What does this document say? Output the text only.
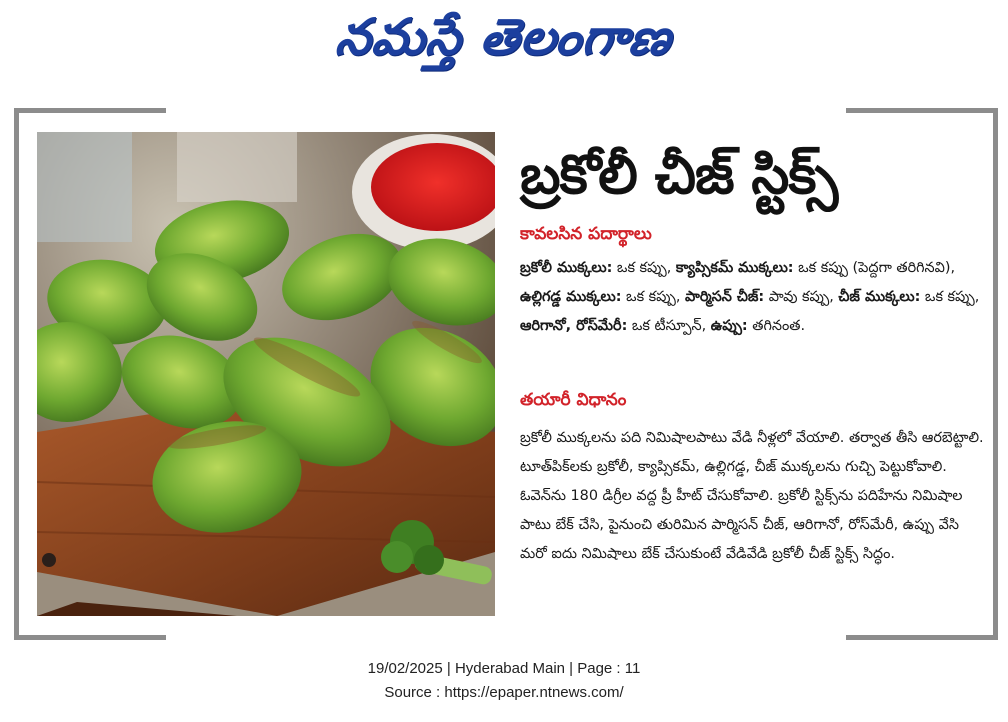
నమస్తే తెలంగాణ
బ్రకోలీ చీజ్ స్టిక్స్
కావలసిన పదార్థాలు
బ్రకోలీ ముక్కలు: ఒక కప్పు, క్యాప్సికమ్ ముక్కలు: ఒక కప్పు (పెద్దగా తరిగినవి), ఉల్లిగడ్డ ముక్కలు: ఒక కప్పు, పార్మిసన్ చీజ్: పావు కప్పు, చీజ్ ముక్కలు: ఒక కప్పు, ఆరిగానో, రోస్‌మేరీ: ఒక టీస్పూన్, ఉప్పు: తగినంత.
తయారీ విధానం
బ్రకోలీ ముక్కలను పది నిమిషాలపాటు వేడి నీళ్లలో వేయాలి. తర్వాత తీసి ఆరబెట్టాలి. టూత్‌పిక్‌లకు బ్రకోలీ, క్యాప్సికమ్, ఉల్లిగడ్డ, చీజ్ ముక్కలను గుచ్చి పెట్టుకోవాలి. ఓవెన్‌ను 180 డిగ్రీల వద్ద ప్రీ హీట్ చేసుకోవాలి. బ్రకోలీ స్టిక్స్‌ను పదిహేను నిమిషాల పాటు బేక్ చేసి, పైనుంచి తురిమిన పార్మిసన్ చీజ్, ఆరిగానో, రోస్‌మేరీ, ఉప్పు వేసి మరో ఐదు నిమిషాలు బేక్ చేసుకుంటే వేడివేడి బ్రకోలీ చీజ్ స్టిక్స్ సిద్ధం.
19/02/2025 | Hyderabad Main | Page : 11
Source : https://epaper.ntnews.com/
